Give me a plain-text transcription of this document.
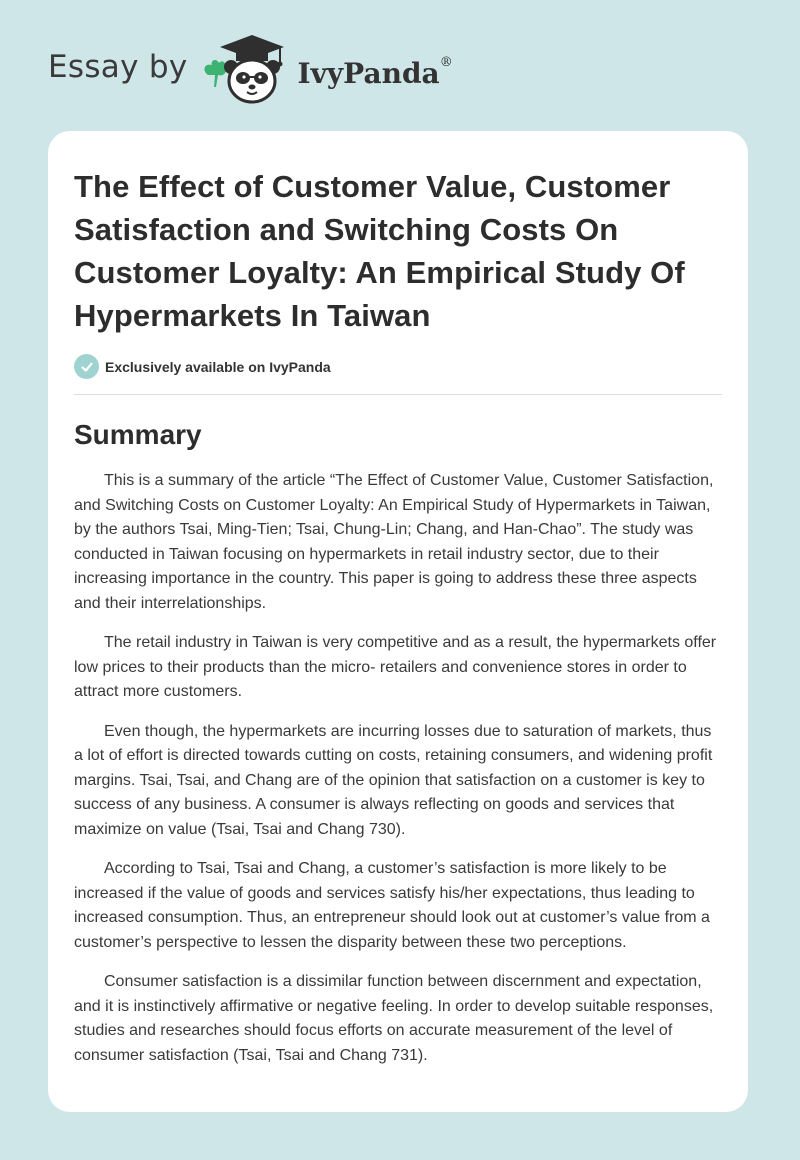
Essay by	IvyPanda®
The Effect of Customer Value, Customer Satisfaction and Switching Costs On Customer Loyalty: An Empirical Study Of Hypermarkets In Taiwan
Exclusively available on IvyPanda
Summary

This is a summary of the article “The Effect of Customer Value, Customer Satisfaction, and Switching Costs on Customer Loyalty: An Empirical Study of Hypermarkets in Taiwan, by the authors Tsai, Ming-Tien; Tsai, Chung-Lin; Chang, and Han-Chao”. The study was conducted in Taiwan focusing on hypermarkets in retail industry sector, due to their increasing importance in the country. This paper is going to address these three aspects and their interrelationships.

The retail industry in Taiwan is very competitive and as a result, the hypermarkets offer low prices to their products than the micro- retailers and convenience stores in order to attract more customers.

Even though, the hypermarkets are incurring losses due to saturation of markets, thus a lot of effort is directed towards cutting on costs, retaining consumers, and widening profit margins. Tsai, Tsai, and Chang are of the opinion that satisfaction on a customer is key to success of any business. A consumer is always reflecting on goods and services that maximize on value (Tsai, Tsai and Chang 730).

According to Tsai, Tsai and Chang, a customer’s satisfaction is more likely to be increased if the value of goods and services satisfy his/her expectations, thus leading to increased consumption. Thus, an entrepreneur should look out at customer’s value from a customer’s perspective to lessen the disparity between these two perceptions.

Consumer satisfaction is a dissimilar function between discernment and expectation, and it is instinctively affirmative or negative feeling. In order to develop suitable responses, studies and researches should focus efforts on accurate measurement of the level of consumer satisfaction (Tsai, Tsai and Chang 731).
